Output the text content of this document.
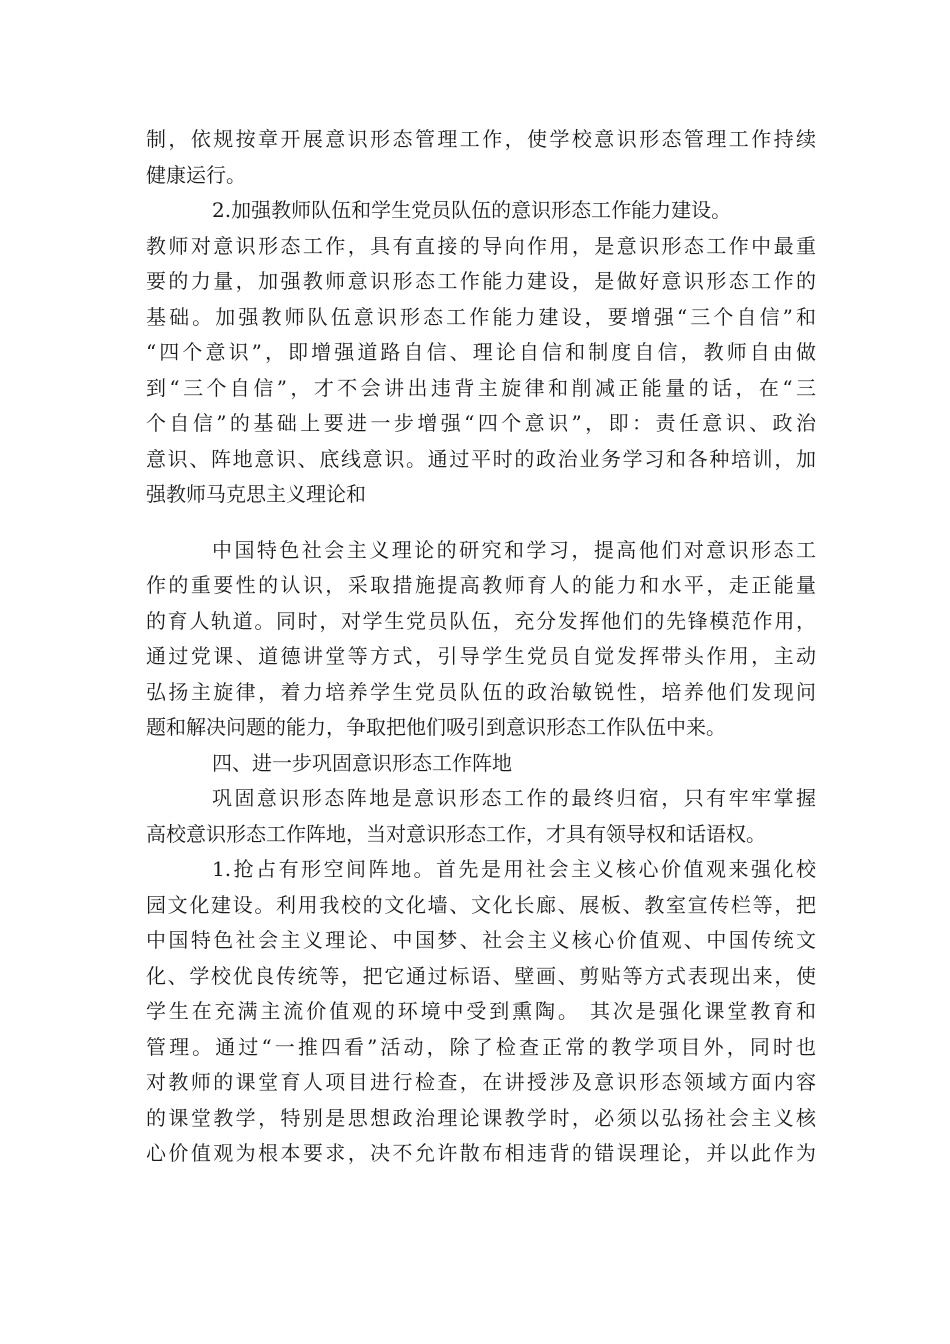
制，依规按章开展意识形态管理工作，使学校意识形态管理工作持续
健康运行。
2.加强教师队伍和学生党员队伍的意识形态工作能力建设。
教师对意识形态工作，具有直接的导向作用，是意识形态工作中最重
要的力量，加强教师意识形态工作能力建设，是做好意识形态工作的
基础。加强教师队伍意识形态工作能力建设，要增强“三个自信”和
“四个意识”，即增强道路自信、理论自信和制度自信，教师自由做
到“三个自信”，才不会讲出违背主旋律和削减正能量的话，在“三
个自信”的基础上要进一步增强“四个意识”，即：责任意识、政治
意识、阵地意识、底线意识。通过平时的政治业务学习和各种培训，加
强教师马克思主义理论和
中国特色社会主义理论的研究和学习，提高他们对意识形态工
作的重要性的认识，采取措施提高教师育人的能力和水平，走正能量
的育人轨道。同时，对学生党员队伍，充分发挥他们的先锋模范作用，
通过党课、道德讲堂等方式，引导学生党员自觉发挥带头作用，主动
弘扬主旋律，着力培养学生党员队伍的政治敏锐性，培养他们发现问
题和解决问题的能力，争取把他们吸引到意识形态工作队伍中来。
四、进一步巩固意识形态工作阵地
巩固意识形态阵地是意识形态工作的最终归宿，只有牢牢掌握
高校意识形态工作阵地，当对意识形态工作，才具有领导权和话语权。
1.抢占有形空间阵地。首先是用社会主义核心价值观来强化校
园文化建设。利用我校的文化墙、文化长廊、展板、教室宣传栏等，把
中国特色社会主义理论、中国梦、社会主义核心价值观、中国传统文
化、学校优良传统等，把它通过标语、壁画、剪贴等方式表现出来，使
学生在充满主流价值观的环境中受到熏陶。 其次是强化课堂教育和
管理。通过“一推四看”活动，除了检查正常的教学项目外，同时也
对教师的课堂育人项目进行检查，在讲授涉及意识形态领域方面内容
的课堂教学，特别是思想政治理论课教学时，必须以弘扬社会主义核
心价值观为根本要求，决不允许散布相违背的错误理论，并以此作为
